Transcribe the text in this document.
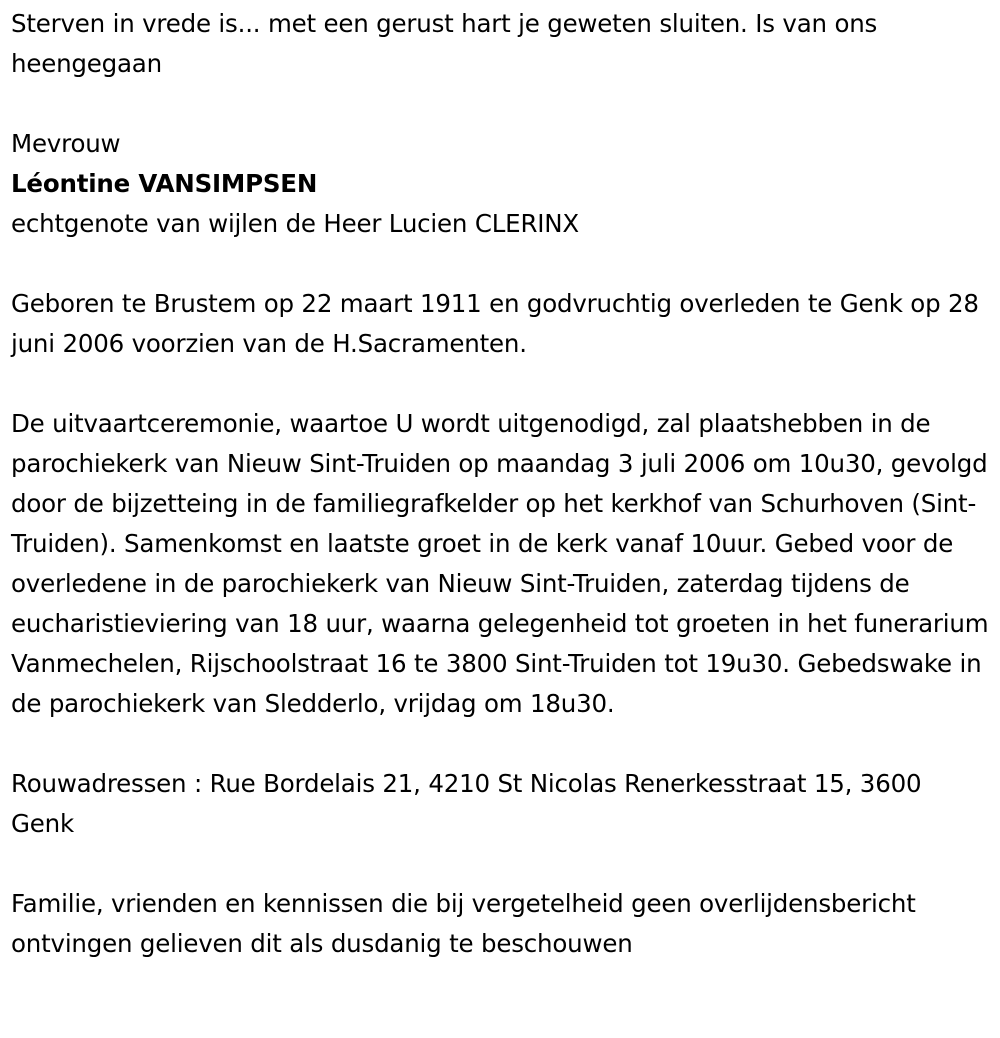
Sterven in vrede is... met een gerust hart je geweten sluiten. Is van ons heengegaan

Mevrouw

Léontine VANSIMPSEN

echtgenote van wijlen de Heer Lucien CLERINX

Geboren te Brustem op 22 maart 1911 en godvruchtig overleden te Genk op 28 juni 2006 voorzien van de H.Sacramenten.

De uitvaartceremonie, waartoe U wordt uitgenodigd, zal plaatshebben in de parochiekerk van Nieuw Sint-Truiden op maandag 3 juli 2006 om 10u30, gevolgd door de bijzetteing in de familiegrafkelder op het kerkhof van Schurhoven (Sint-Truiden). Samenkomst en laatste groet in de kerk vanaf 10uur. Gebed voor de overledene in de parochiekerk van Nieuw Sint-Truiden, zaterdag tijdens de eucharistieviering van 18 uur, waarna gelegenheid tot groeten in het funerarium Vanmechelen, Rijschoolstraat 16 te 3800 Sint-Truiden tot 19u30. Gebedswake in de parochiekerk van Sledderlo, vrijdag om 18u30.

Rouwadressen : Rue Bordelais 21, 4210 St Nicolas Renerkesstraat 15, 3600 Genk

Familie, vrienden en kennissen die bij vergetelheid geen overlijdensbericht ontvingen gelieven dit als dusdanig te beschouwen
